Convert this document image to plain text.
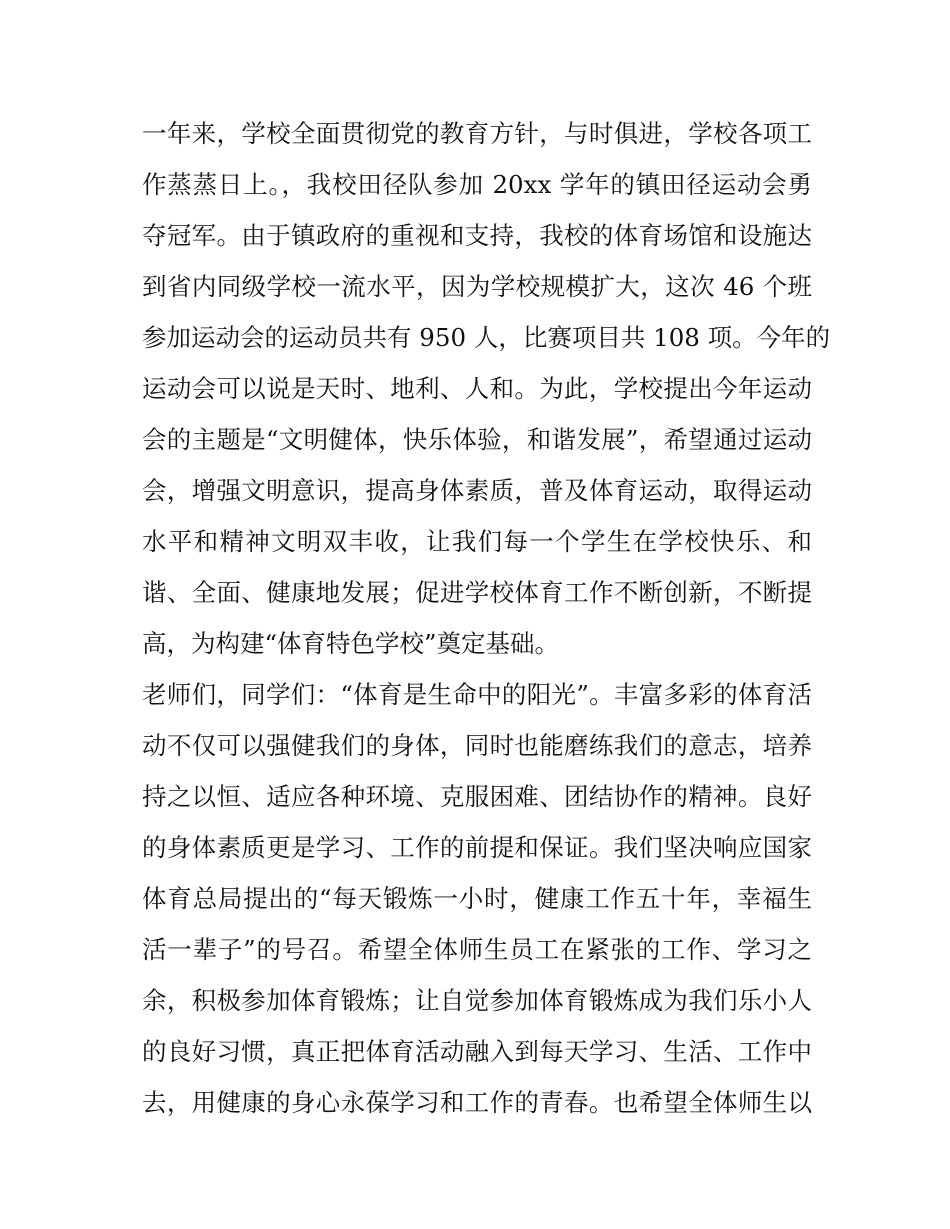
一年来，学校全面贯彻党的教育方针，与时俱进，学校各项工
作蒸蒸日上。，我校田径队参加 20xx 学年的镇田径运动会勇
夺冠军。由于镇政府的重视和支持，我校的体育场馆和设施达
到省内同级学校一流水平，因为学校规模扩大，这次 46 个班
参加运动会的运动员共有 950 人，比赛项目共 108 项。今年的
运动会可以说是天时、地利、人和。为此，学校提出今年运动
会的主题是“文明健体，快乐体验，和谐发展”，希望通过运动
会，增强文明意识，提高身体素质，普及体育运动，取得运动
水平和精神文明双丰收，让我们每一个学生在学校快乐、和
谐、全面、健康地发展；促进学校体育工作不断创新，不断提
高，为构建“体育特色学校”奠定基础。
老师们，同学们：“体育是生命中的阳光”。丰富多彩的体育活
动不仅可以强健我们的身体，同时也能磨练我们的意志，培养
持之以恒、适应各种环境、克服困难、团结协作的精神。良好
的身体素质更是学习、工作的前提和保证。我们坚决响应国家
体育总局提出的“每天锻炼一小时，健康工作五十年，幸福生
活一辈子”的号召。希望全体师生员工在紧张的工作、学习之
余，积极参加体育锻炼；让自觉参加体育锻炼成为我们乐小人
的良好习惯，真正把体育活动融入到每天学习、生活、工作中
去，用健康的身心永葆学习和工作的青春。也希望全体师生以
